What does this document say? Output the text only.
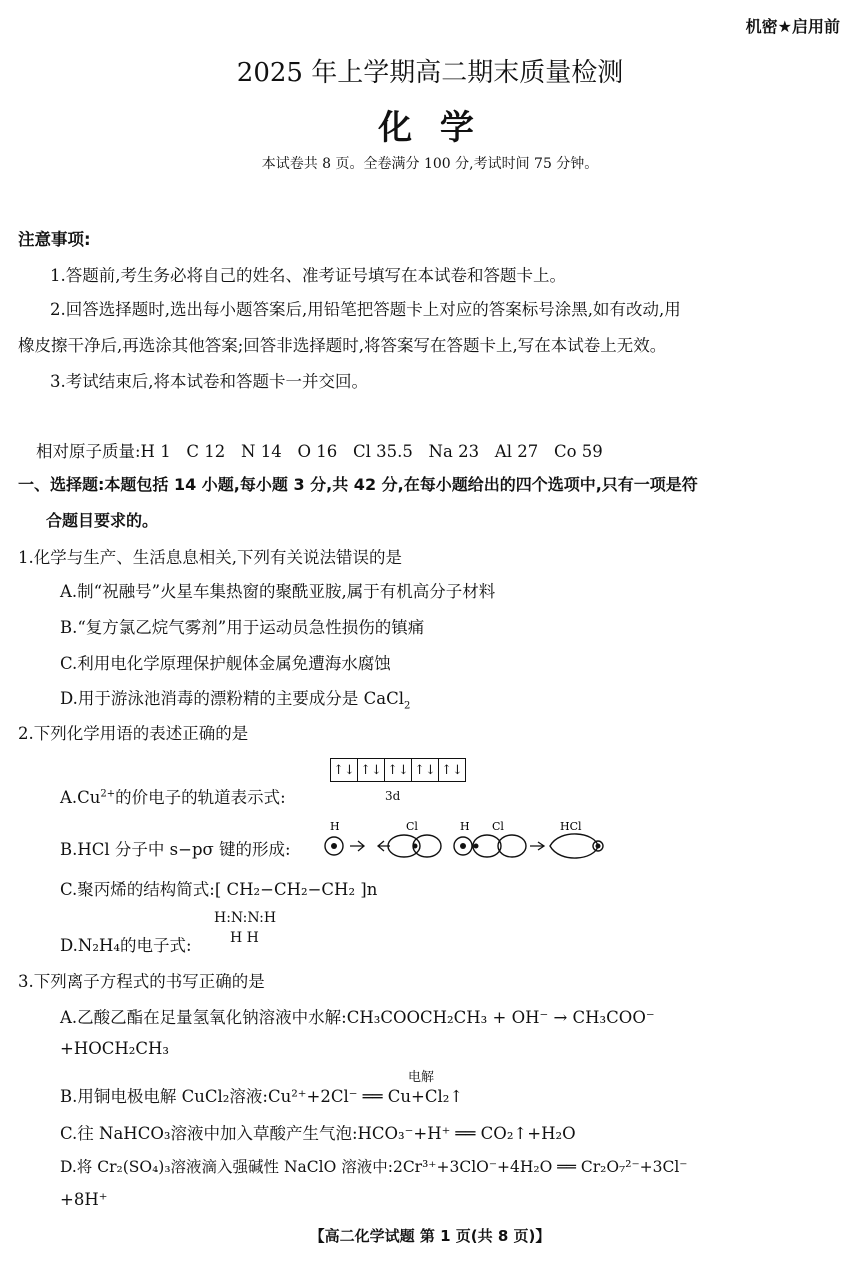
机密★启用前
2025 年上学期高二期末质量检测
化 学
本试卷共 8 页。全卷满分 100 分,考试时间 75 分钟。
注意事项:
1.答题前,考生务必将自己的姓名、准考证号填写在本试卷和答题卡上。
2.回答选择题时,选出每小题答案后,用铅笔把答题卡上对应的答案标号涂黑,如有改动,用
橡皮擦干净后,再选涂其他答案;回答非选择题时,将答案写在答题卡上,写在本试卷上无效。
3.考试结束后,将本试卷和答题卡一并交回。
相对原子质量:H 1   C 12   N 14   O 16   Cl 35.5   Na 23   Al 27   Co 59
一、选择题:本题包括 14 小题,每小题 3 分,共 42 分,在每小题给出的四个选项中,只有一项是符
合题目要求的。
1.化学与生产、生活息息相关,下列有关说法错误的是
A.制“祝融号”火星车集热窗的聚酰亚胺,属于有机高分子材料
B.“复方氯乙烷气雾剂”用于运动员急性损伤的镇痛
C.利用电化学原理保护舰体金属免遭海水腐蚀
D.用于游泳池消毒的漂粉精的主要成分是 CaCl$_2$
2.下列化学用语的表述正确的是
↑↓ ↑↓ ↑↓ ↑↓ ↑↓
3d
$A.Cu^{2+}$的价电子的轨道表示式:
B.HCl 分子中 s−pσ 键的形成:
H	Cl	H Cl	HCl
C.聚丙烯的结构简式:[ CH₂−CH₂−CH₂ ]n
H:N:N:H
H H
D.N₂H₄的电子式:
3.下列离子方程式的书写正确的是
A.乙酸乙酯在足量氢氧化钠溶液中水解:CH₃COOCH₂CH₃ + OH⁻ → CH₃COO⁻
+HOCH₂CH₃
电解
B.用铜电极电解 CuCl₂溶液:Cu²⁺+2Cl⁻ ══ Cu+Cl₂↑
C.往 NaHCO₃溶液中加入草酸产生气泡:HCO₃⁻+H⁺ ══ CO₂↑+H₂O
D.将 Cr₂(SO₄)₃溶液滴入强碱性 NaClO 溶液中:2Cr³⁺+3ClO⁻+4H₂O ══ Cr₂O₇²⁻+3Cl⁻
+8H⁺
【高二化学试题 第 1 页(共 8 页)】
